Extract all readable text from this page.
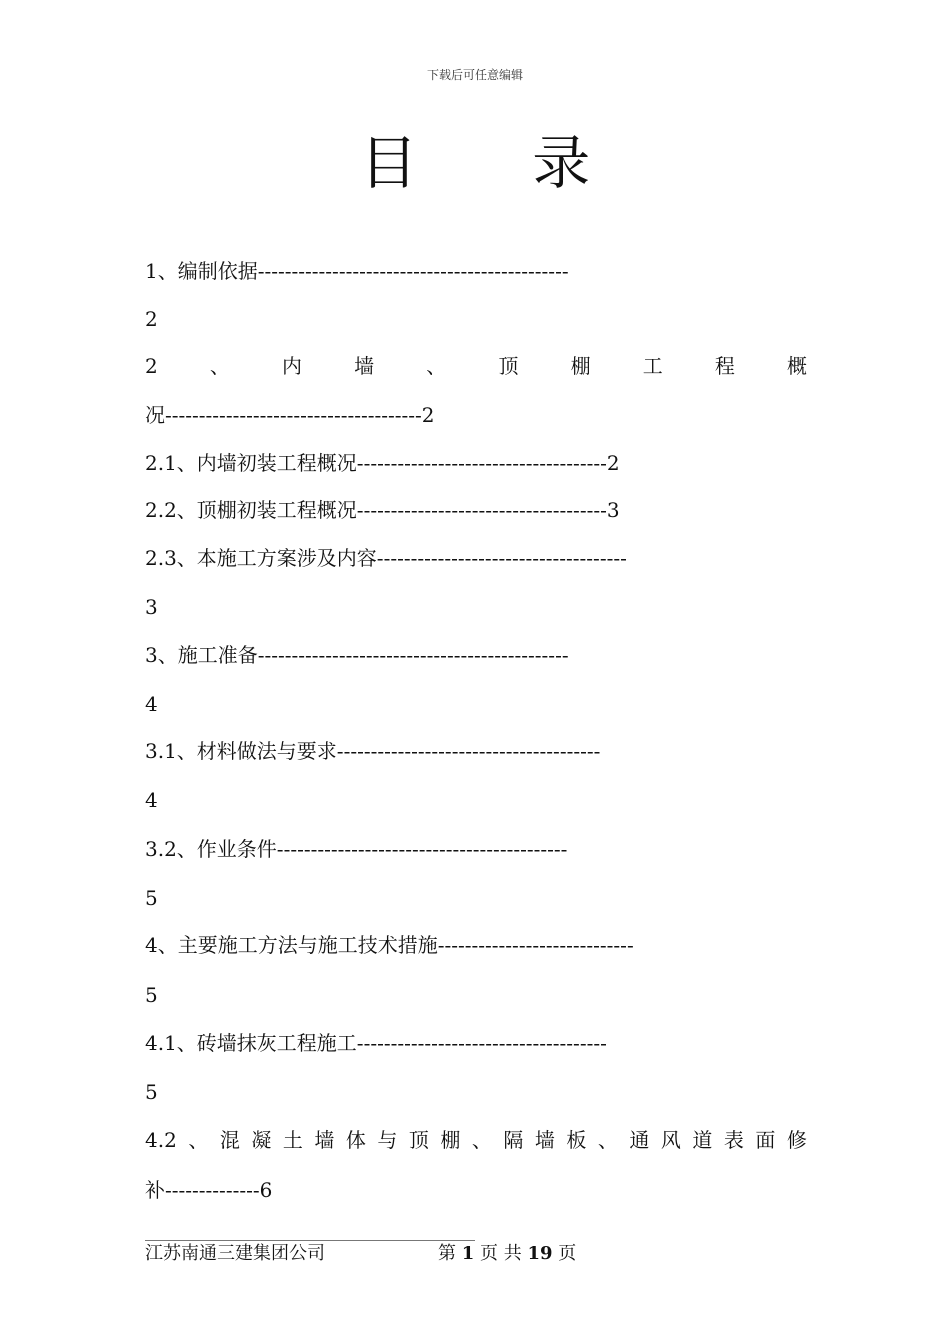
下载后可任意编辑
目 录
1、编制依据----------------------------------------------
2
2	、	内	墙	、	顶	棚	工	程	概
况--------------------------------------2
2.1、内墙初装工程概况-------------------------------------2
2.2、顶棚初装工程概况-------------------------------------3
2.3、本施工方案涉及内容-------------------------------------
3
3、施工准备----------------------------------------------
4
3.1、材料做法与要求---------------------------------------
4
3.2、作业条件-------------------------------------------
5
4、主要施工方法与施工技术措施-----------------------------
5
4.1、砖墙抹灰工程施工-------------------------------------
5
4.2 、 混 凝 土 墙 体 与 顶 棚 、 隔 墙 板 、 通 风 道 表 面 修
补--------------6
江苏南通三建集团公司	第 1 页 共 19 页
